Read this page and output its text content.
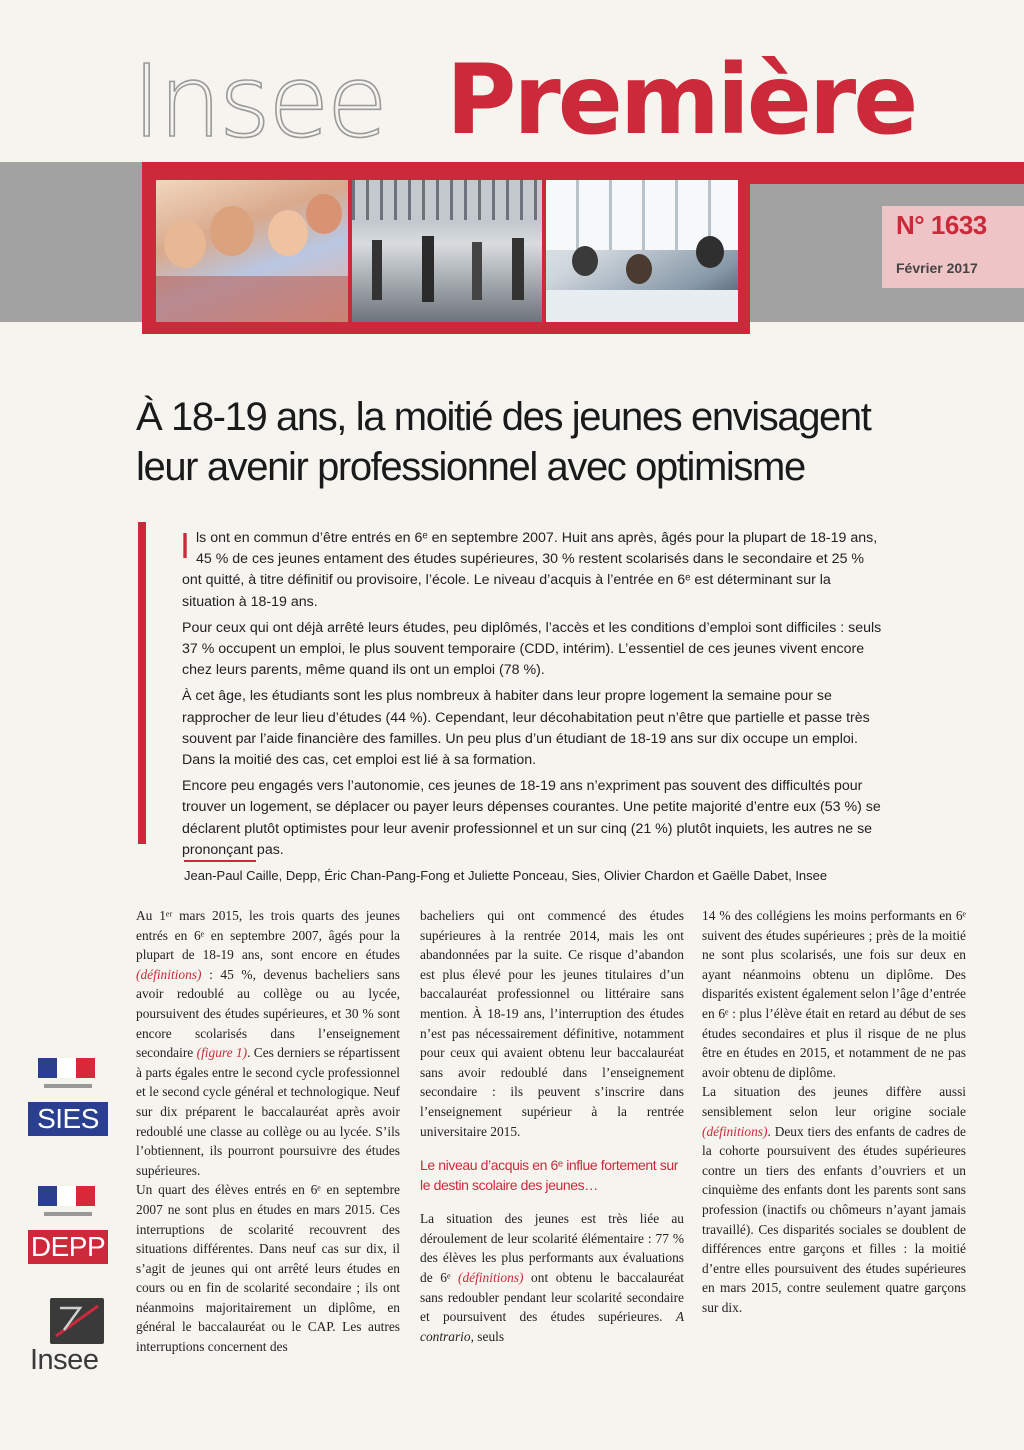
Insee Première
N° 1633
Février 2017
À 18-19 ans, la moitié des jeunes envisagent
leur avenir professionnel avec optimisme

Ils ont en commun d’être entrés en 6ᵉ en septembre 2007. Huit ans après, âgés pour la plupart de 18-19 ans, 45 % de ces jeunes entament des études supérieures, 30 % restent scolarisés dans le secondaire et 25 % ont quitté, à titre définitif ou provisoire, l’école. Le niveau d’acquis à l’entrée en 6ᵉ est déterminant sur la situation à 18-19 ans.

Pour ceux qui ont déjà arrêté leurs études, peu diplômés, l’accès et les conditions d’emploi sont difficiles : seuls 37 % occupent un emploi, le plus souvent temporaire (CDD, intérim). L’essentiel de ces jeunes vivent encore chez leurs parents, même quand ils ont un emploi (78 %).

À cet âge, les étudiants sont les plus nombreux à habiter dans leur propre logement la semaine pour se rapprocher de leur lieu d’études (44 %). Cependant, leur décohabitation peut n’être que partielle et passe très souvent par l’aide financière des familles. Un peu plus d’un étudiant de 18-19 ans sur dix occupe un emploi. Dans la moitié des cas, cet emploi est lié à sa formation.

Encore peu engagés vers l’autonomie, ces jeunes de 18-19 ans n’expriment pas souvent des difficultés pour trouver un logement, se déplacer ou payer leurs dépenses courantes. Une petite majorité d’entre eux (53 %) se déclarent plutôt optimistes pour leur avenir professionnel et un sur cinq (21 %) plutôt inquiets, les autres ne se prononçant pas.

Jean-Paul Caille, Depp, Éric Chan-Pang-Fong et Juliette Ponceau, Sies, Olivier Chardon et Gaëlle Dabet, Insee

Au 1ᵉʳ mars 2015, les trois quarts des jeunes entrés en 6ᵉ en septembre 2007, âgés pour la plupart de 18-19 ans, sont encore en études (définitions) : 45 %, devenus bacheliers sans avoir redoublé au collège ou au lycée, poursuivent des études supérieures, et 30 % sont encore scolarisés dans l’enseignement secondaire (figure 1). Ces derniers se répartissent à parts égales entre le second cycle professionnel et le second cycle général et technologique. Neuf sur dix préparent le baccalauréat après avoir redoublé une classe au collège ou au lycée. S’ils l’obtiennent, ils pourront poursuivre des études supérieures.

Un quart des élèves entrés en 6ᵉ en septembre 2007 ne sont plus en études en mars 2015. Ces interruptions de scolarité recouvrent des situations différentes. Dans neuf cas sur dix, il s’agit de jeunes qui ont arrêté leurs études en cours ou en fin de scolarité secondaire ; ils ont néanmoins majoritairement un diplôme, en général le baccalauréat ou le CAP. Les autres interruptions concernent des

bacheliers qui ont commencé des études supérieures à la rentrée 2014, mais les ont abandonnées par la suite. Ce risque d’abandon est plus élevé pour les jeunes titulaires d’un baccalauréat professionnel ou littéraire sans mention. À 18-19 ans, l’interruption des études n’est pas nécessairement définitive, notamment pour ceux qui avaient obtenu leur baccalauréat sans avoir redoublé dans l’enseignement secondaire : ils peuvent s’inscrire dans l’enseignement supérieur à la rentrée universitaire 2015.

Le niveau d’acquis en 6ᵉ influe fortement sur le destin scolaire des jeunes…

La situation des jeunes est très liée au déroulement de leur scolarité élémentaire : 77 % des élèves les plus performants aux évaluations de 6ᵉ (définitions) ont obtenu le baccalauréat sans redoubler pendant leur scolarité secondaire et poursuivent des études supérieures. A contrario, seuls

14 % des collégiens les moins performants en 6ᵉ suivent des études supérieures ; près de la moitié ne sont plus scolarisés, une fois sur deux en ayant néanmoins obtenu un diplôme. Des disparités existent également selon l’âge d’entrée en 6ᵉ : plus l’élève était en retard au début de ses études secondaires et plus il risque de ne plus être en études en 2015, et notamment de ne pas avoir obtenu de diplôme.

La situation des jeunes diffère aussi sensiblement selon leur origine sociale (définitions). Deux tiers des enfants de cadres de la cohorte poursuivent des études supérieures contre un tiers des enfants d’ouvriers et un cinquième des enfants dont les parents sont sans profession (inactifs ou chômeurs n’ayant jamais travaillé). Ces disparités sociales se doublent de différences entre garçons et filles : la moitié d’entre elles poursuivent des études supérieures en mars 2015, contre seulement quatre garçons sur dix.

SIES
DEPP
Insee
